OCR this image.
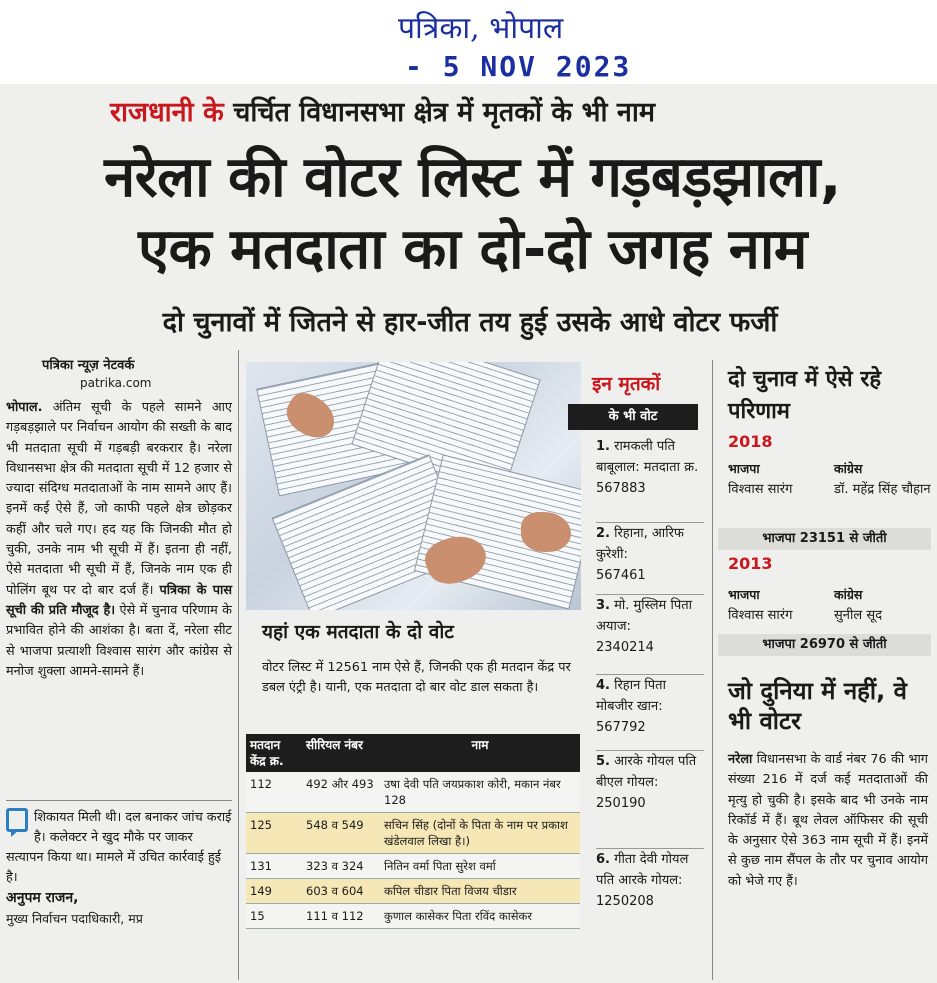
पत्रिका, भोपाल
- 5 NOV 2023
राजधानी के चर्चित विधानसभा क्षेत्र में मृतकों के भी नाम
नरेला की वोटर लिस्ट में गड़बड़झाला,
एक मतदाता का दो-दो जगह नाम
दो चुनावों में जितने से हार-जीत तय हुई उसके आधे वोटर फर्जी
पत्रिका न्यूज़ नेटवर्क
patrika.com
भोपाल. अंतिम सूची के पहले सामने आए गड़बड़झाले पर निर्वाचन आयोग की सख्ती के बाद भी मतदाता सूची में गड़बड़ी बरकरार है। नरेला विधानसभा क्षेत्र की मतदाता सूची में 12 हजार से ज्यादा संदिग्ध मतदाताओं के नाम सामने आए हैं। इनमें कई ऐसे हैं, जो काफी पहले क्षेत्र छोड़कर कहीं और चले गए। हद यह कि जिनकी मौत हो चुकी, उनके नाम भी सूची में हैं। इतना ही नहीं, ऐसे मतदाता भी सूची में हैं, जिनके नाम एक ही पोलिंग बूथ पर दो बार दर्ज हैं। पत्रिका के पास सूची की प्रति मौजूद है। ऐसे में चुनाव परिणाम के प्रभावित होने की आशंका है। बता दें, नरेला सीट से भाजपा प्रत्याशी विश्वास सारंग और कांग्रेस से मनोज शुक्ला आमने-सामने हैं।
शिकायत मिली थी। दल बनाकर जांच कराई है। कलेक्टर ने खुद मौके पर जाकर सत्यापन किया था। मामले में उचित कार्रवाई हुई है।
अनुपम राजन,
मुख्य निर्वाचन पदाधिकारी, मप्र
यहां एक मतदाता के दो वोट
वोटर लिस्ट में 12561 नाम ऐसे हैं, जिनकी एक ही मतदान केंद्र पर डबल एंट्री है। यानी, एक मतदाता दो बार वोट डाल सकता है।
मतदान केंद्र क्र.	सीरियल नंबर	नाम
112	492 और 493	उषा देवी पति जयप्रकाश कोरी, मकान नंबर 128
125	548 व 549	सचिन सिंह (दोनों के पिता के नाम पर प्रकाश खंडेलवाल लिखा है।)
131	323 व 324	नितिन वर्मा पिता सुरेश वर्मा
149	603 व 604	कपिल चीडार पिता विजय चीडार
15	111 व 112	कुणाल कासेकर पिता रविंद कासेकर
इन मृतकों
के भी वोट
1. रामकली पति बाबूलाल: मतदाता क्र.
567883
2. रिहाना, आरिफ कुरेशी:
567461
3. मो. मुस्लिम पिता अयाज:
2340214
4. रिहान पिता मोबजीर खान:
567792
5. आरके गोयल पति बीएल गोयल:
250190
6. गीता देवी गोयल पति आरके गोयल:
1250208
दो चुनाव में ऐसे रहे परिणाम
2018
भाजपा	कांग्रेस
विश्वास सारंग	डॉ. महेंद्र सिंह चौहान
भाजपा 23151 से जीती
2013
भाजपा	कांग्रेस
विश्वास सारंग	सुनील सूद
भाजपा 26970 से जीती
जो दुनिया में नहीं, वे भी वोटर
नरेला विधानसभा के वार्ड नंबर 76 की भाग संख्या 216 में दर्ज कई मतदाताओं की मृत्यु हो चुकी है। इसके बाद भी उनके नाम रिकॉर्ड में हैं। बूथ लेवल ऑफिसर की सूची के अनुसार ऐसे 363 नाम सूची में हैं। इनमें से कुछ नाम सैंपल के तौर पर चुनाव आयोग को भेजे गए हैं।
